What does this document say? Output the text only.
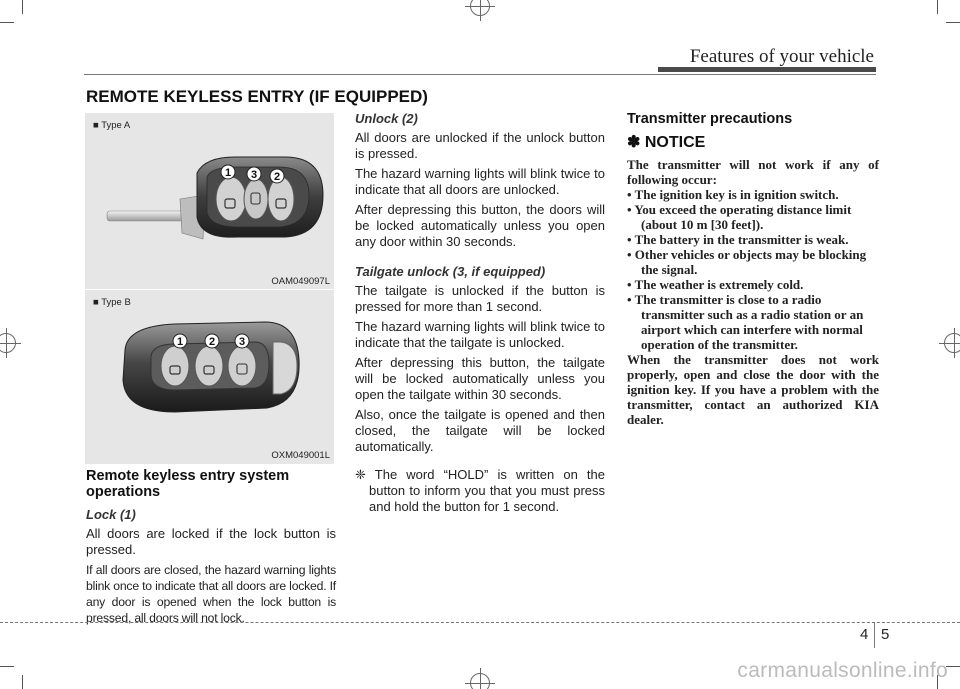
Features of your vehicle
REMOTE KEYLESS ENTRY (IF EQUIPPED)
1 3 2
■ Type A
OAM049097L
1 2 3
■ Type B
OXM049001L
Remote keyless entry system operations
Lock (1)
All doors are locked if the lock button is pressed.
If all doors are closed, the hazard warning lights blink once to indicate that all doors are locked. If any door is opened when the lock button is pressed, all doors will not lock.
Unlock (2)
All doors are unlocked if the unlock button is pressed.
The hazard warning lights will blink twice to indicate that all doors are unlocked.
After depressing this button, the doors will be locked automatically unless you open any door within 30 seconds.
Tailgate unlock (3, if equipped)
The tailgate is unlocked if the button is pressed for more than 1 second.
The hazard warning lights will blink twice to indicate that the tailgate is unlocked.
After depressing this button, the tailgate will be locked automatically unless you open the tailgate within 30 seconds.
Also, once the tailgate is opened and then closed, the tailgate will be locked automatically.
❈ The word “HOLD” is written on the button to inform you that you must press and hold the button for 1 second.
Transmitter precautions
✽ NOTICE
The transmitter will not work if any of following occur:
• The ignition key is in ignition switch.
• You exceed the operating distance limit (about 10 m [30 feet]).
• The battery in the transmitter is weak.
• Other vehicles or objects may be blocking the signal.
• The weather is extremely cold.
• The transmitter is close to a radio transmitter such as a radio station or an airport which can interfere with normal operation of the transmitter.
When the transmitter does not work properly, open and close the door with the ignition key. If you have a problem with the transmitter, contact an authorized KIA dealer.
4 5
carmanualsonline.info
